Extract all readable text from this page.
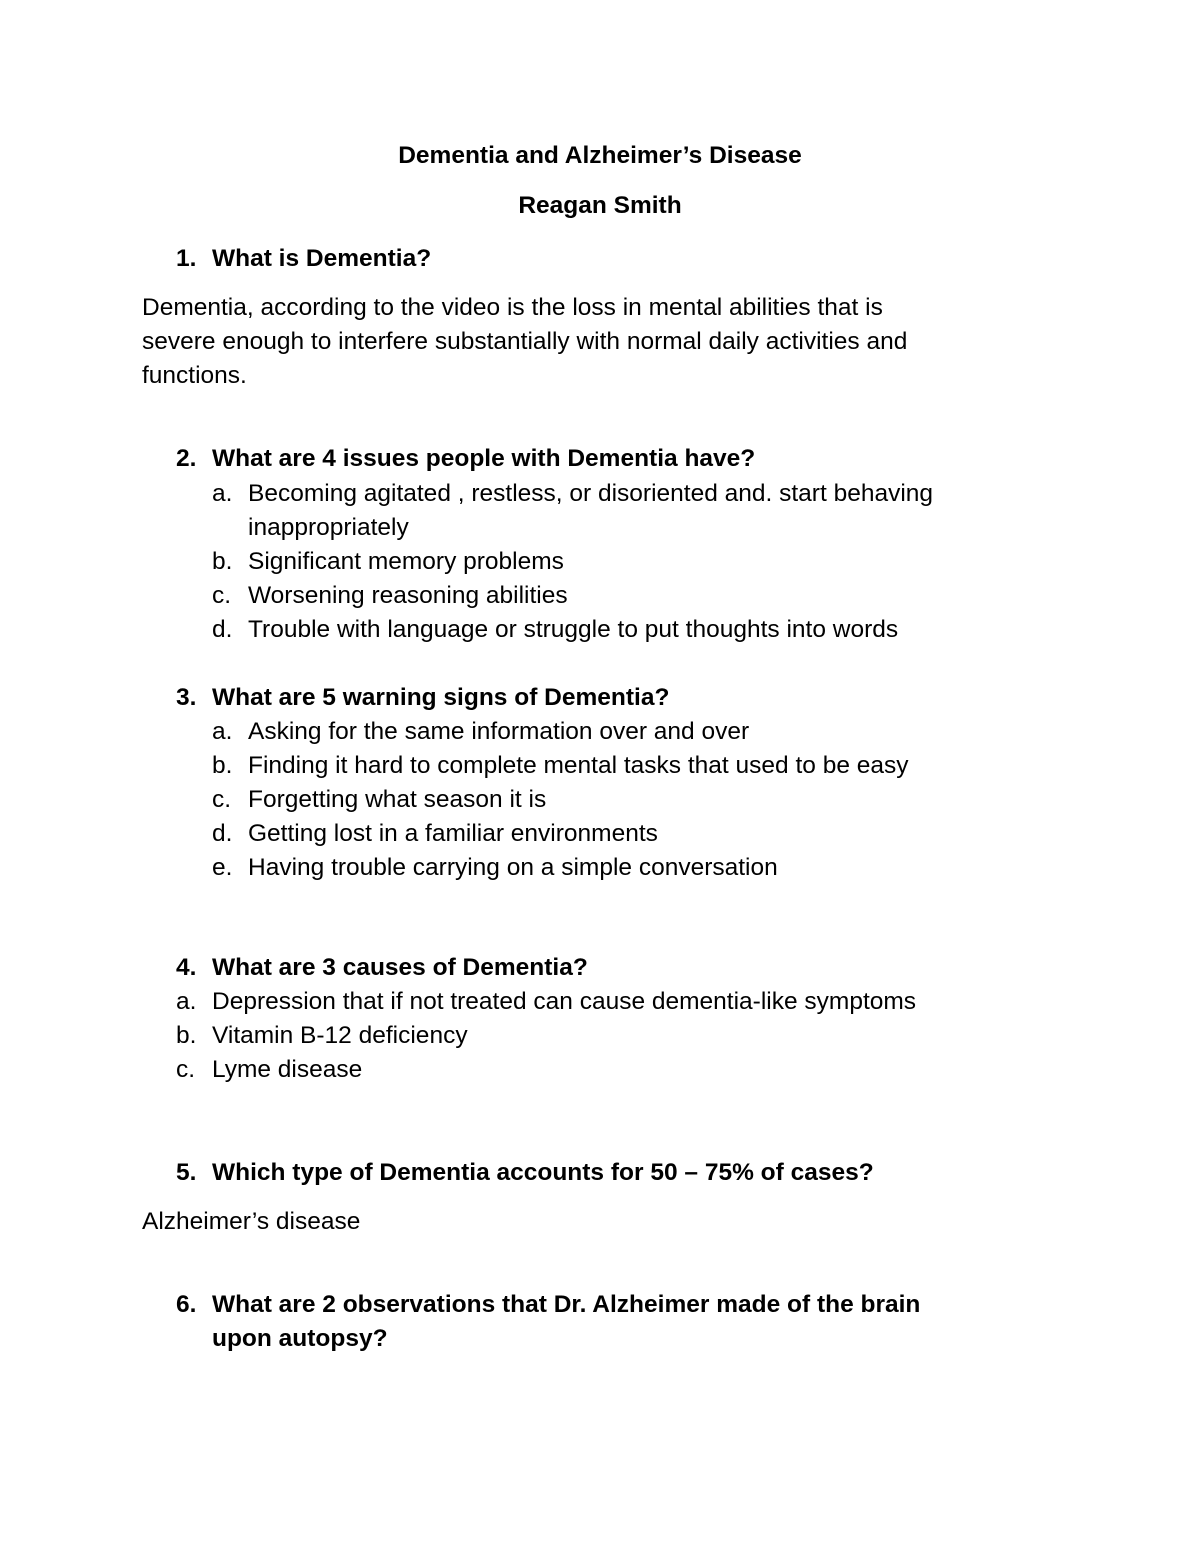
Dementia and Alzheimer’s Disease
Reagan Smith
1. What is Dementia?
Dementia, according to the video is the loss in mental abilities that is
severe enough to interfere substantially with normal daily activities and
functions.
2. What are 4 issues people with Dementia have?
a. Becoming agitated , restless, or disoriented and. start behaving
inappropriately
b. Significant memory problems
c. Worsening reasoning abilities
d. Trouble with language or struggle to put thoughts into words
3. What are 5 warning signs of Dementia?
a. Asking for the same information over and over
b. Finding it hard to complete mental tasks that used to be easy
c. Forgetting what season it is
d. Getting lost in a familiar environments
e. Having trouble carrying on a simple conversation
4. What are 3 causes of Dementia?
a. Depression that if not treated can cause dementia-like symptoms
b. Vitamin B-12 deficiency
c. Lyme disease
5. Which type of Dementia accounts for 50 – 75% of cases?
Alzheimer’s disease
6. What are 2 observations that Dr. Alzheimer made of the brain
upon autopsy?
